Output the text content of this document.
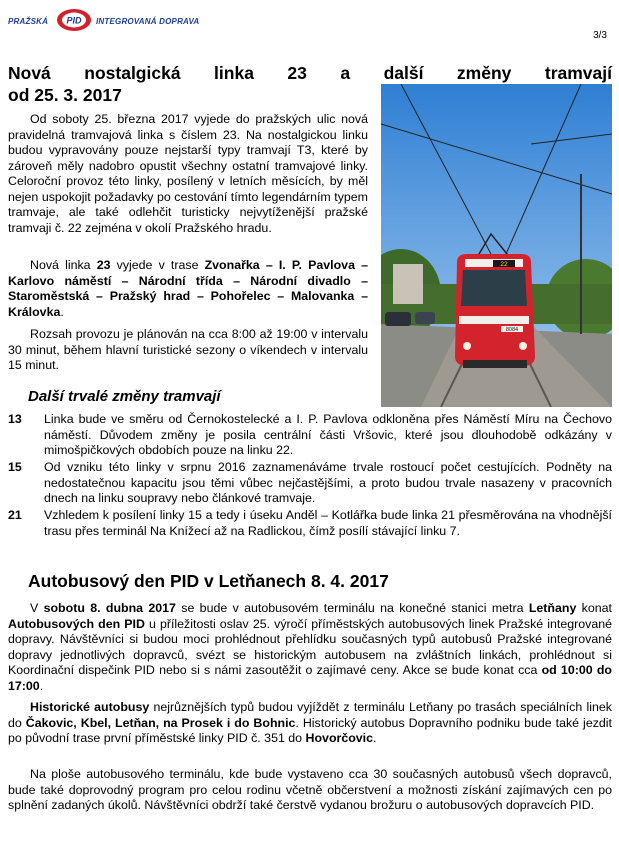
PRAŽSKÁ PID INTEGROVANÁ DOPRAVA
3/3
Nová nostalgická linka 23 a další změny tramvají
od 25. 3. 2017

Od soboty 25. března 2017 vyjede do pražských ulic nová pravidelná tramvajová linka s číslem 23. Na nostalgickou linku budou vypravovány pouze nejstarší typy tramvají T3, které by zároveň měly nadobro opustit všechny ostatní tramvajové linky. Celoroční provoz této linky, posílený v letních měsících, by měl nejen uspokojit požadavky po cestování tímto legendárním typem tramvaje, ale také odlehčit turisticky nejvytíženější pražské tramvaji č. 22 zejména v okolí Pražského hradu.

Nová linka 23 vyjede v trase Zvonařka – I. P. Pavlova – Karlovo náměstí – Národní třída – Národní divadlo – Staroměstská – Pražský hrad – Pohořelec – Malovanka – Královka.

Rozsah provozu je plánován na cca 8:00 až 19:00 v intervalu 30 minut, během hlavní turistické sezony o víkendech v intervalu 15 minut.

22
8084
Další trvalé změny tramvají
13 Linka bude ve směru od Černokostelecké a I. P. Pavlova odkloněna přes Náměstí Míru na Čechovo náměstí. Důvodem změny je posila centrální části Vršovic, které jsou dlouhodobě odkázány v mimošpičkových obdobích pouze na linku 22.
15 Od vzniku této linky v srpnu 2016 zaznamenáváme trvale rostoucí počet cestujících. Podněty na nedostatečnou kapacitu jsou těmi vůbec nejčastějšími, a proto budou trvale nasazeny v pracovních dnech na linku soupravy nebo článkové tramvaje.
21 Vzhledem k posílení linky 15 a tedy i úseku Anděl – Kotlářka bude linka 21 přesměrována na vhodnější trasu přes terminál Na Knížecí až na Radlickou, čímž posílí stávající linku 7.
Autobusový den PID v Letňanech 8. 4. 2017

V sobotu 8. dubna 2017 se bude v autobusovém terminálu na konečné stanici metra Letňany konat Autobusových den PID u příležitosti oslav 25. výročí příměstských autobusových linek Pražské integrované dopravy. Návštěvníci si budou moci prohlédnout přehlídku současných typů autobusů Pražské integrované dopravy jednotlivých dopravců, svézt se historickým autobusem na zvláštních linkách, prohlédnout si Koordinační dispečink PID nebo si s námi zasoutěžit o zajímavé ceny. Akce se bude konat cca od 10:00 do 17:00.

Historické autobusy nejrůznějších typů budou vyjíždět z terminálu Letňany po trasách speciálních linek do Čakovic, Kbel, Letňan, na Prosek i do Bohnic. Historický autobus Dopravního podniku bude také jezdit po původní trase první příměstské linky PID č. 351 do Hovorčovic.

Na ploše autobusového terminálu, kde bude vystaveno cca 30 současných autobusů všech dopravců, bude také doprovodný program pro celou rodinu včetně občerstvení a možnosti získání zajímavých cen po splnění zadaných úkolů. Návštěvníci obdrží také čerstvě vydanou brožuru o autobusových dopravcích PID.
